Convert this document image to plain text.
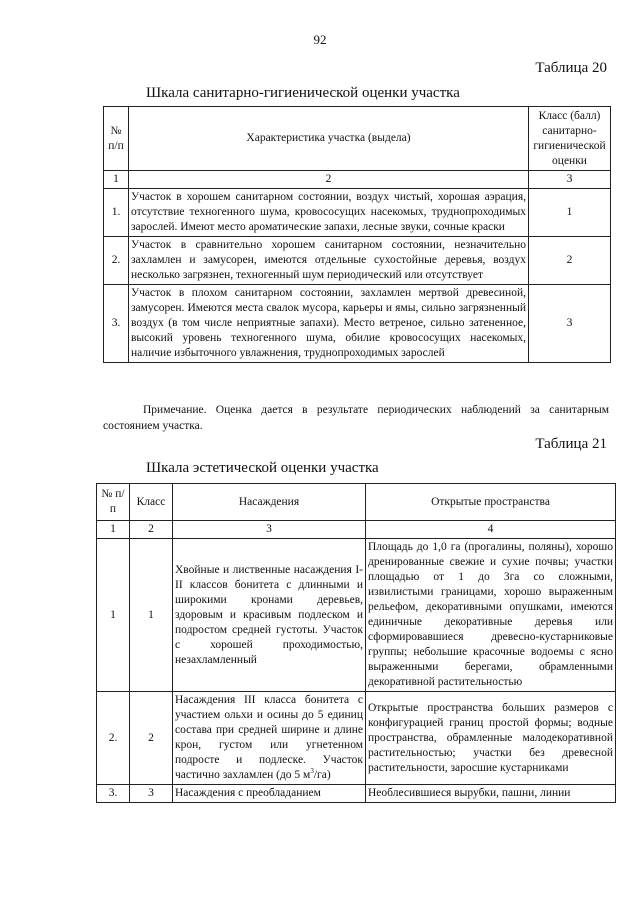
92
Таблица 20
Шкала санитарно-гигиенической оценки участка
№ п/п	Характеристика участка (выдела)	Класс (балл) санитарно-гигиенической оценки
1	2	3
1.	Участок в хорошем санитарном состоянии, воздух чистый, хорошая аэрация, отсутствие техногенного шума, кровососущих насекомых, труднопроходимых зарослей. Имеют место ароматические запахи, лесные звуки, сочные краски	1
2.	Участок в сравнительно хорошем санитарном состоянии, незначительно захламлен и замусорен, имеются отдельные сухостойные деревья, воздух несколько загрязнен, техногенный шум периодический или отсутствует	2
3.	Участок в плохом санитарном состоянии, захламлен мертвой древесиной, замусорен. Имеются места свалок мусора, карьеры и ямы, сильно загрязненный воздух (в том числе неприятные запахи). Место ветреное, сильно затененное, высокий уровень техногенного шума, обилие кровососущих насекомых, наличие избыточного увлажнения, труднопроходимых зарослей	3
Примечание. Оценка дается в результате периодических наблюдений за санитарным состоянием участка.
Таблица 21
Шкала эстетической оценки участка
№ п/п	Класс	Насаждения	Открытые пространства
1	2	3	4
1	1	Хвойные и лиственные насаждения I-II классов бонитета с длинными и широкими кронами деревьев, здоровым и красивым подлеском и подростом средней густоты. Участок с хорошей проходимостью, незахламленный	Площадь до 1,0 га (прогалины, поляны), хорошо дренированные свежие и сухие почвы; участки площадью от 1 до 3га со сложными, извилистыми границами, хорошо выраженным рельефом, декоративными опушками, имеются единичные декоративные деревья или сформировавшиеся древесно-кустарниковые группы; небольшие красочные водоемы с ясно выраженными берегами, обрамленными декоративной растительностью
2.	2	Насаждения III класса бонитета с участием ольхи и осины до 5 единиц состава при средней ширине и длине крон, густом или угнетенном подросте и подлеске. Участок частично захламлен (до 5 $м^3/га$)	Открытые пространства больших размеров с конфигурацией границ простой формы; водные пространства, обрамленные малодекоративной растительностью; участки без древесной растительности, заросшие кустарниками
3.	3	Насаждения с преобладанием	Необлесившиеся вырубки, пашни, линии
